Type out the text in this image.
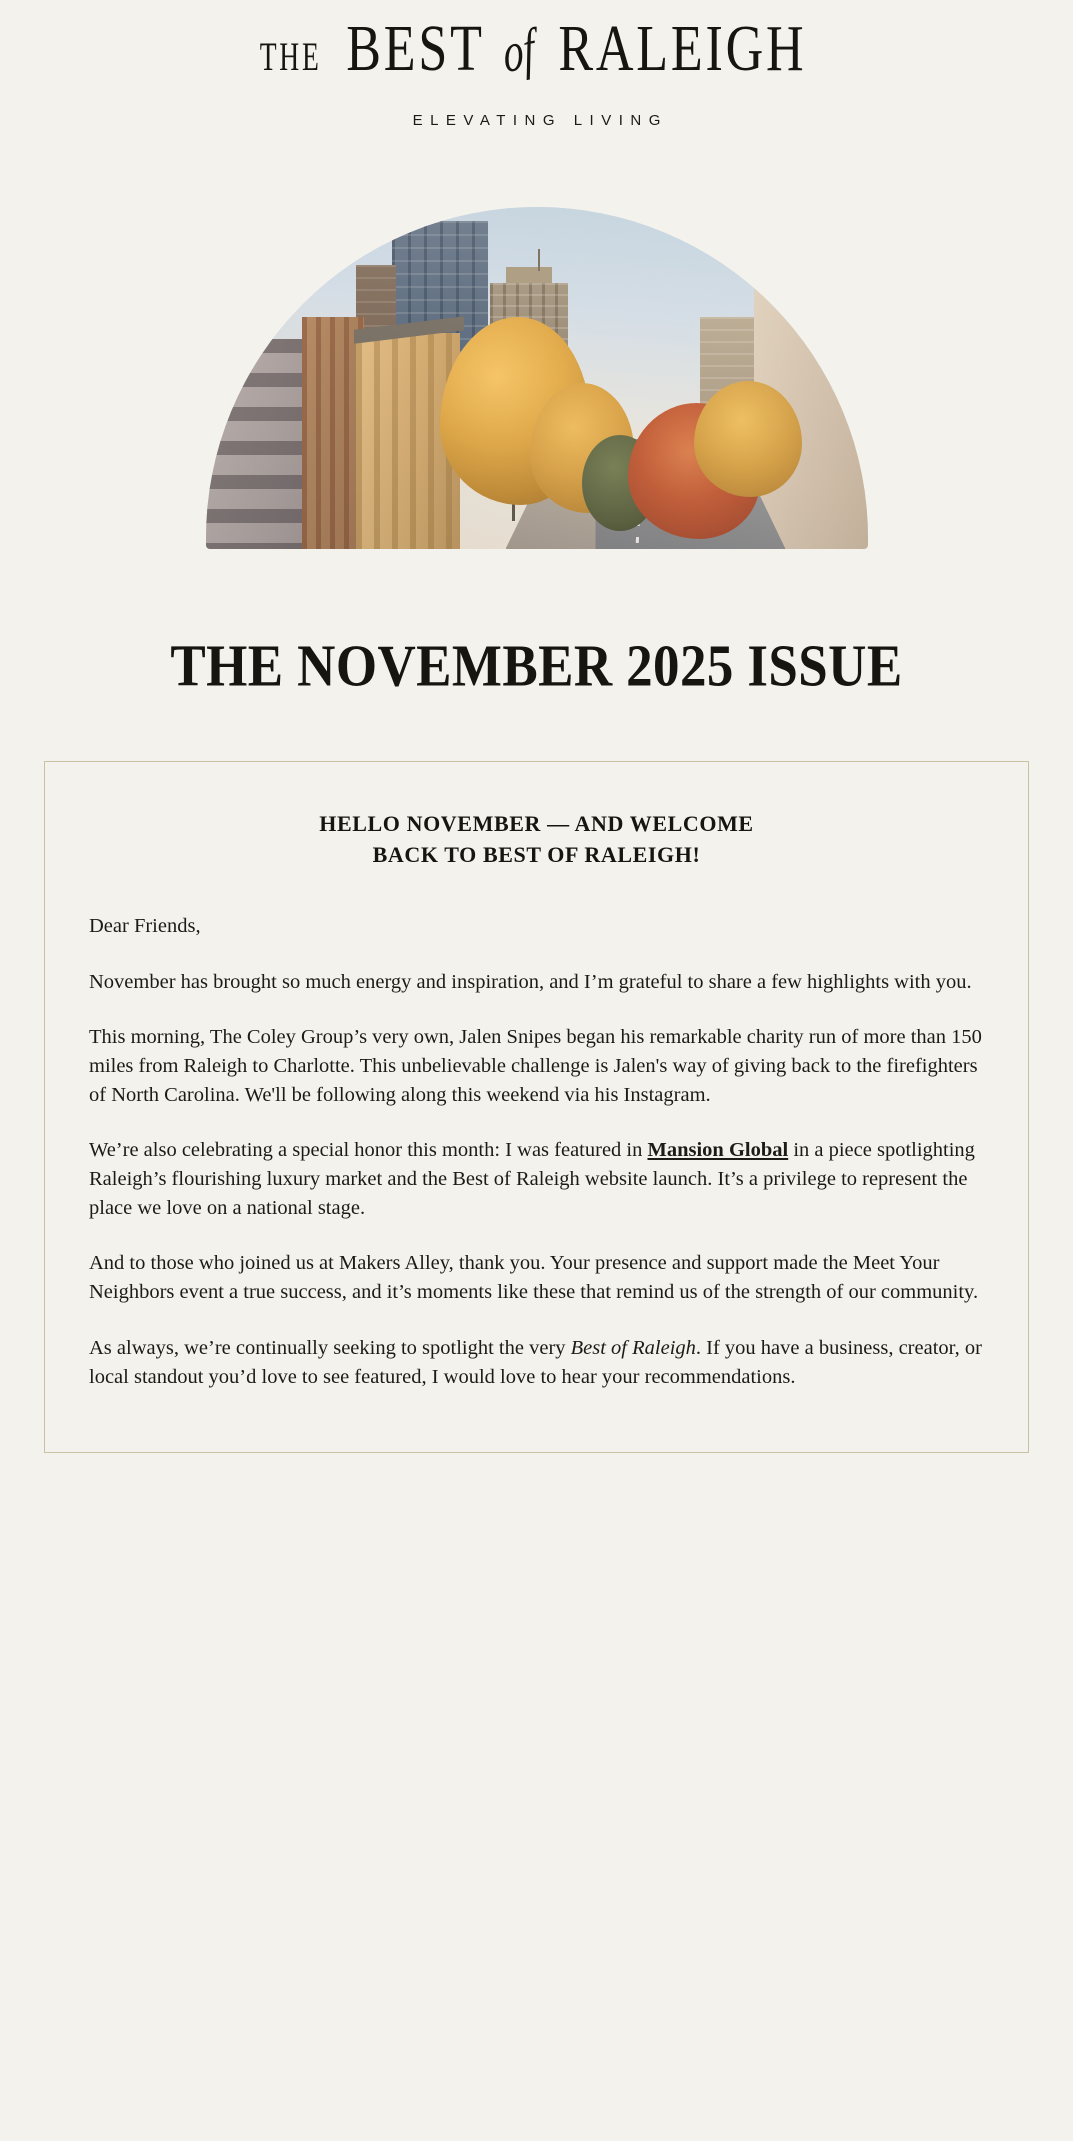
THE BEST of RALEIGH
ELEVATING LIVING
THE NOVEMBER 2025 ISSUE
HELLO NOVEMBER — AND WELCOME
BACK TO BEST OF RALEIGH!

Dear Friends,

November has brought so much energy and inspiration, and I’m grateful to share a few highlights with you.

This morning, The Coley Group’s very own, Jalen Snipes began his remarkable charity run of more than 150 miles from Raleigh to Charlotte. This unbelievable challenge is Jalen's way of giving back to the firefighters of North Carolina. We'll be following along this weekend via his Instagram.

We’re also celebrating a special honor this month: I was featured in Mansion Global in a piece spotlighting Raleigh’s flourishing luxury market and the Best of Raleigh website launch. It’s a privilege to represent the place we love on a national stage.

And to those who joined us at Makers Alley, thank you. Your presence and support made the Meet Your Neighbors event a true success, and it’s moments like these that remind us of the strength of our community.

As always, we’re continually seeking to spotlight the very Best of Raleigh. If you have a business, creator, or local standout you’d love to see featured, I would love to hear your recommendations.
